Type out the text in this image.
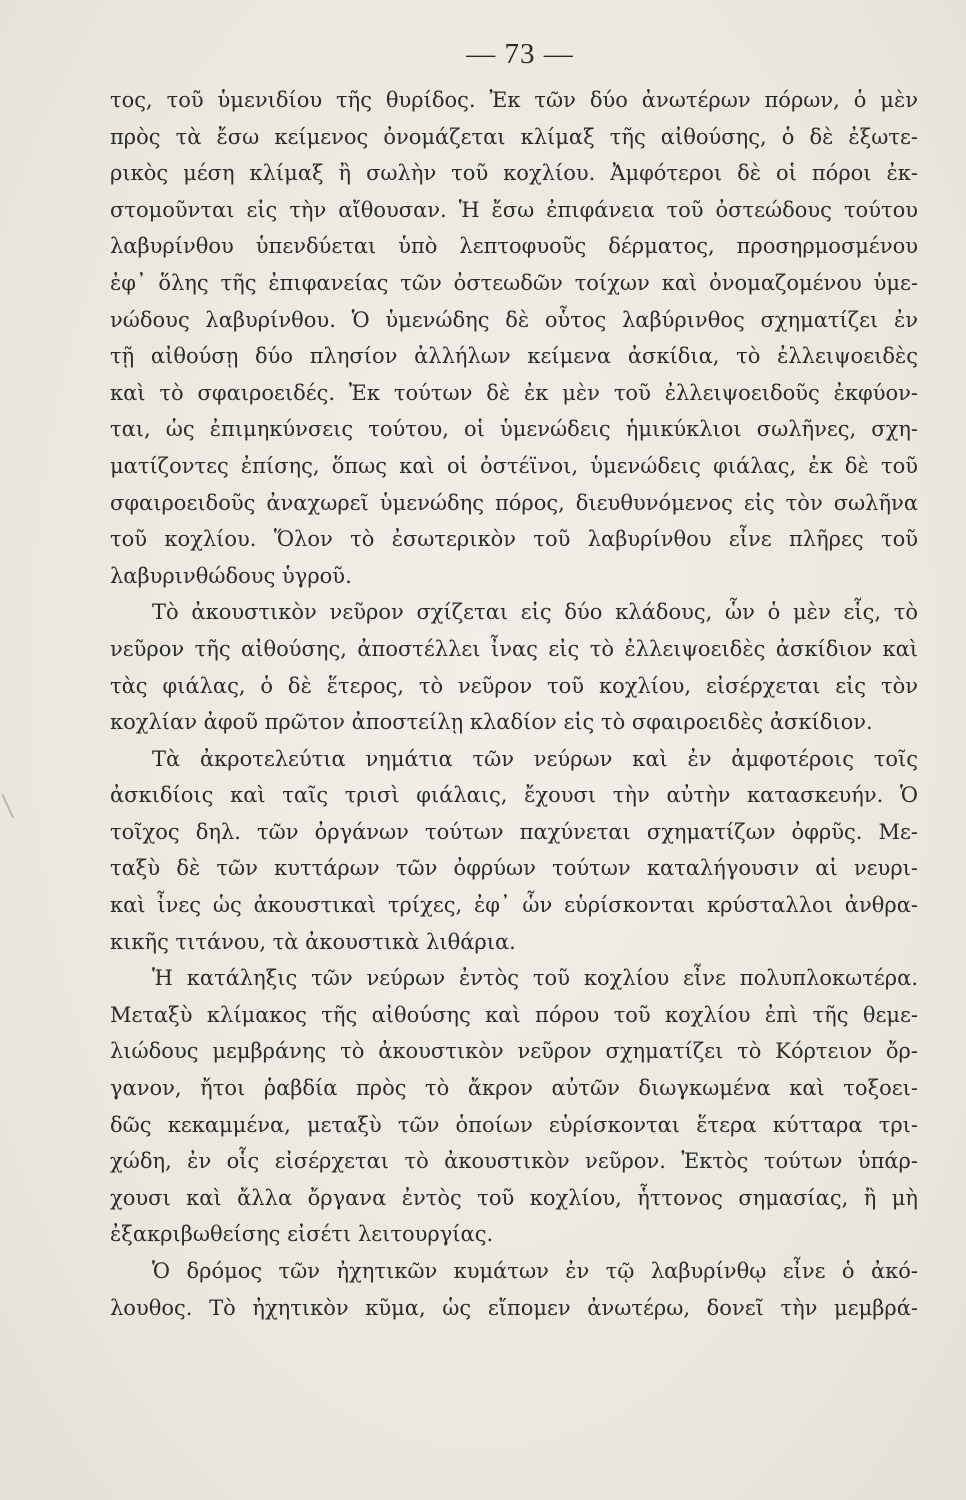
— 73 —
τος, τοῦ ὑμενιδίου τῆς θυρίδος. Ἐκ τῶν δύο ἀνωτέρων πόρων, ὁ μὲν
πρὸς τὰ ἔσω κείμενος ὀνομάζεται κλίμαξ τῆς αἰθούσης, ὁ δὲ ἐξωτε-
ρικὸς μέση κλίμαξ ἢ σωλὴν τοῦ κοχλίου. Ἀμφότεροι δὲ οἱ πόροι ἐκ-
στομοῦνται εἰς τὴν αἴθουσαν. Ἡ ἔσω ἐπιφάνεια τοῦ ὀστεώδους τούτου
λαβυρίνθου ὑπενδύεται ὑπὸ λεπτοφυοῦς δέρματος, προσηρμοσμένου
ἐφ᾽ ὅλης τῆς ἐπιφανείας τῶν ὀστεωδῶν τοίχων καὶ ὀνομαζομένου ὑμε-
νώδους λαβυρίνθου. Ὁ ὑμενώδης δὲ οὗτος λαβύρινθος σχηματίζει ἐν
τῇ αἰθούσῃ δύο πλησίον ἀλλήλων κείμενα ἀσκίδια, τὸ ἐλλειψοειδὲς
καὶ τὸ σφαιροειδές. Ἐκ τούτων δὲ ἐκ μὲν τοῦ ἐλλειψοειδοῦς ἐκφύον-
ται, ὡς ἐπιμηκύνσεις τούτου, οἱ ὑμενώδεις ἡμικύκλιοι σωλῆνες, σχη-
ματίζοντες ἐπίσης, ὅπως καὶ οἱ ὀστέϊνοι, ὑμενώδεις φιάλας, ἐκ δὲ τοῦ
σφαιροειδοῦς ἀναχωρεῖ ὑμενώδης πόρος, διευθυνόμενος εἰς τὸν σωλῆνα
τοῦ κοχλίου. Ὅλον τὸ ἐσωτερικὸν τοῦ λαβυρίνθου εἶνε πλῆρες τοῦ
λαβυρινθώδους ὑγροῦ.
Τὸ ἀκουστικὸν νεῦρον σχίζεται εἰς δύο κλάδους, ὧν ὁ μὲν εἷς, τὸ
νεῦρον τῆς αἰθούσης, ἀποστέλλει ἶνας εἰς τὸ ἐλλειψοειδὲς ἀσκίδιον καὶ
τὰς φιάλας, ὁ δὲ ἕτερος, τὸ νεῦρον τοῦ κοχλίου, εἰσέρχεται εἰς τὸν
κοχλίαν ἀφοῦ πρῶτον ἀποστείλῃ κλαδίον εἰς τὸ σφαιροειδὲς ἀσκίδιον.
Τὰ ἀκροτελεύτια νημάτια τῶν νεύρων καὶ ἐν ἀμφοτέροις τοῖς
ἀσκιδίοις καὶ ταῖς τρισὶ φιάλαις, ἔχουσι τὴν αὐτὴν κατασκευήν. Ὁ
τοῖχος δηλ. τῶν ὀργάνων τούτων παχύνεται σχηματίζων ὀφρῦς. Με-
ταξὺ δὲ τῶν κυττάρων τῶν ὀφρύων τούτων καταλήγουσιν αἱ νευρι-
καὶ ἶνες ὡς ἀκουστικαὶ τρίχες, ἐφ᾽ ὧν εὑρίσκονται κρύσταλλοι ἀνθρα-
κικῆς τιτάνου, τὰ ἀκουστικὰ λιθάρια.
Ἡ κατάληξις τῶν νεύρων ἐντὸς τοῦ κοχλίου εἶνε πολυπλοκωτέρα.
Μεταξὺ κλίμακος τῆς αἰθούσης καὶ πόρου τοῦ κοχλίου ἐπὶ τῆς θεμε-
λιώδους μεμβράνης τὸ ἀκουστικὸν νεῦρον σχηματίζει τὸ Κόρτειον ὄρ-
γανον, ἤτοι ῥαβδία πρὸς τὸ ἄκρον αὐτῶν διωγκωμένα καὶ τοξοει-
δῶς κεκαμμένα, μεταξὺ τῶν ὁποίων εὑρίσκονται ἕτερα κύτταρα τρι-
χώδη, ἐν οἷς εἰσέρχεται τὸ ἀκουστικὸν νεῦρον. Ἐκτὸς τούτων ὑπάρ-
χουσι καὶ ἄλλα ὄργανα ἐντὸς τοῦ κοχλίου, ἧττονος σημασίας, ἢ μὴ
ἐξακριβωθείσης εἰσέτι λειτουργίας.
Ὁ δρόμος τῶν ἠχητικῶν κυμάτων ἐν τῷ λαβυρίνθῳ εἶνε ὁ ἀκό-
λουθος. Τὸ ἠχητικὸν κῦμα, ὡς εἴπομεν ἀνωτέρω, δονεῖ τὴν μεμβρά-
